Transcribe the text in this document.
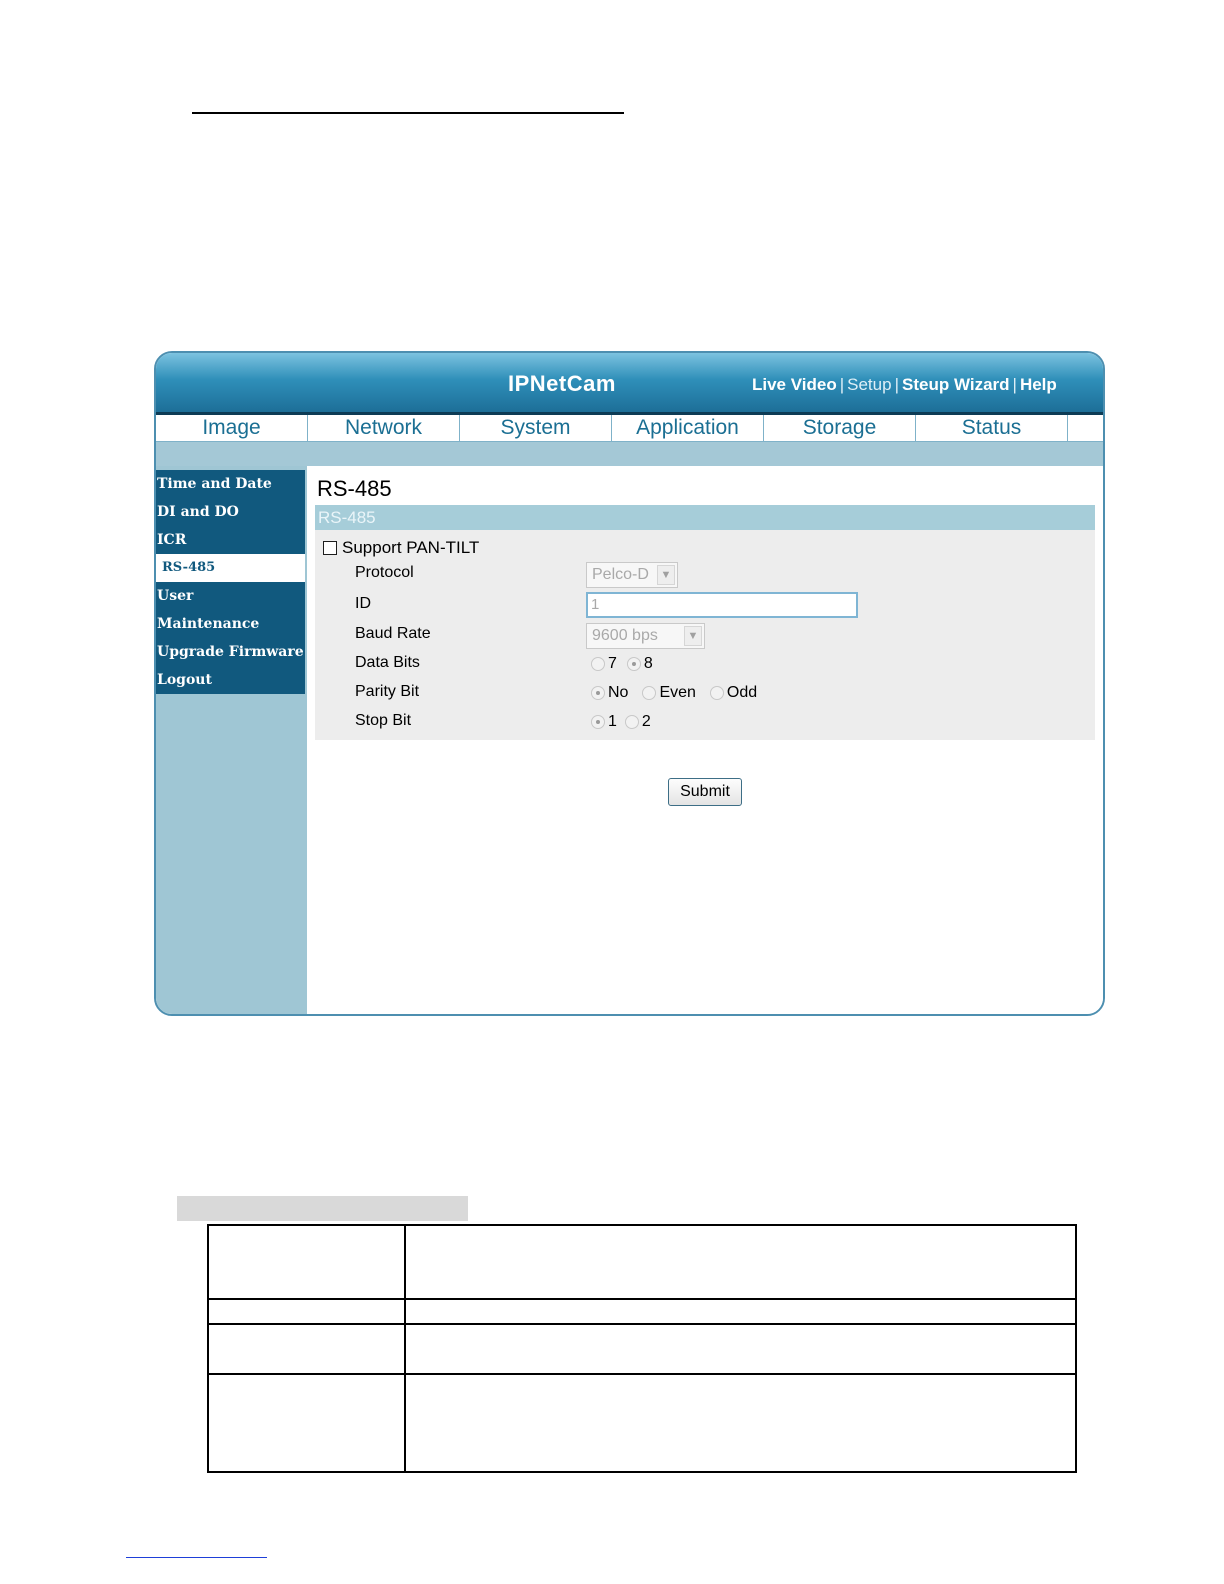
IPNetCam	Live Video | Setup | Steup Wizard | Help
Image	Network	System	Application	Storage	Status
Time and Date
DI and DO
ICR
RS-485
User
Maintenance
Upgrade Firmware
Logout
RS-485
RS-485
Support PAN-TILT
Protocol	Pelco-D	▼
ID	1
Baud Rate	9600 bps	▼
Data Bits	7 8
Parity Bit	No Even Odd
Stop Bit	1 2
Submit
